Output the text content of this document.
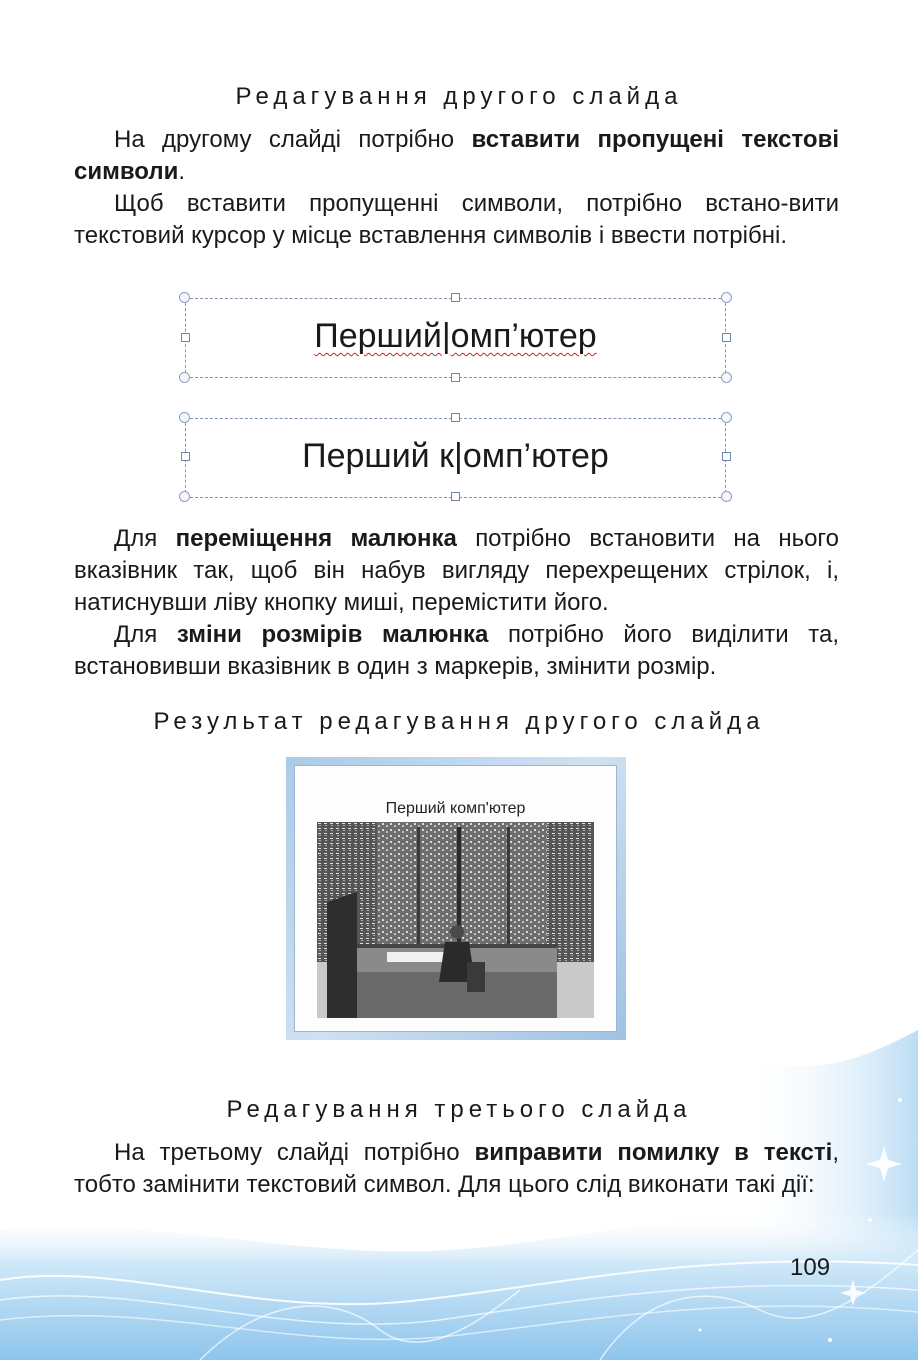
Редагування другого слайда

На другому слайді потрібно вставити пропущені текстові символи.

Щоб вставити пропущенні символи, потрібно встано-вити текстовий курсор у місце вставлення символів і ввести потрібні.

Перший|омп’ютер
Перший к|омп’ютер

Для переміщення малюнка потрібно встановити на нього вказівник так, щоб він набув вигляду перехрещених стрілок, і, натиснувши ліву кнопку миші, перемістити його.

Для зміни розмірів малюнка потрібно його виділити та, встановивши вказівник в один з маркерів, змінити розмір.

Результат редагування другого слайда
Перший комп'ютер
Редагування третього слайда

На третьому слайді потрібно виправити помилку в тексті, тобто замінити текстовий символ. Для цього слід виконати такі дії:

109
